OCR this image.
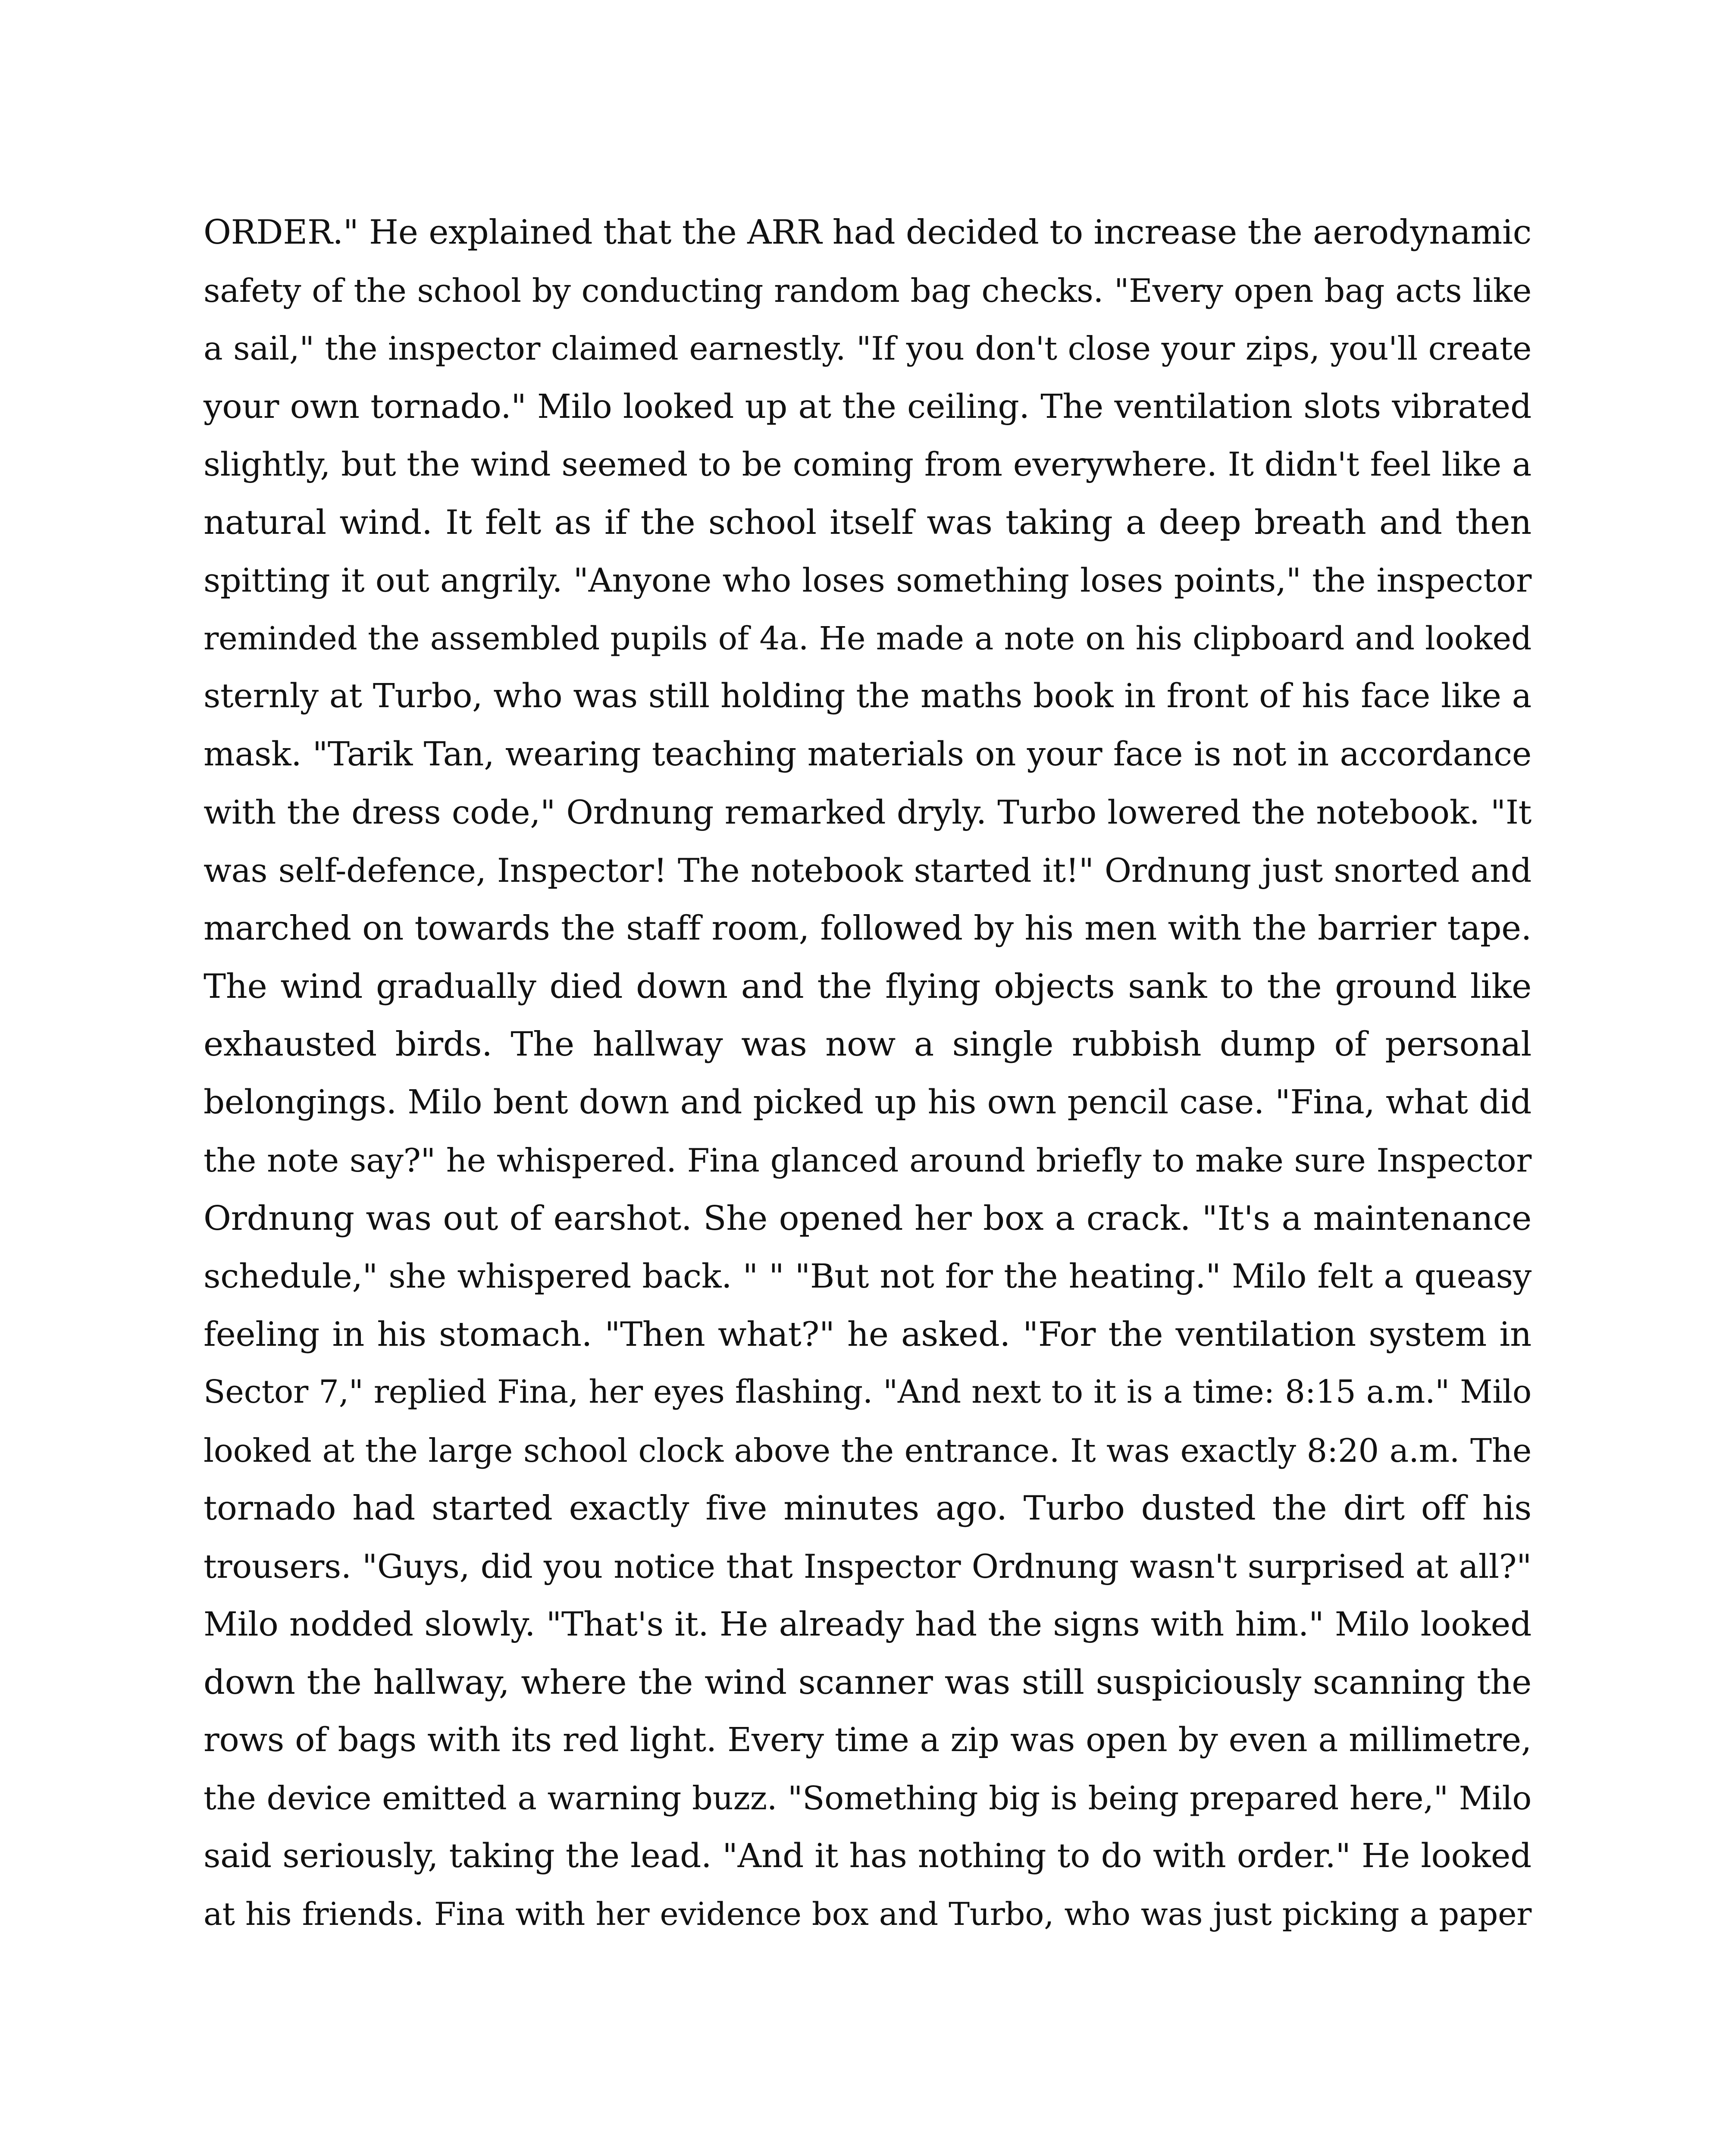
ORDER." He explained that the ARR had decided to increase the aerodynamic
safety of the school by conducting random bag checks. "Every open bag acts like
a sail," the inspector claimed earnestly. "If you don't close your zips, you'll create
your own tornado." Milo looked up at the ceiling. The ventilation slots vibrated
slightly, but the wind seemed to be coming from everywhere. It didn't feel like a
natural wind. It felt as if the school itself was taking a deep breath and then
spitting it out angrily. "Anyone who loses something loses points," the inspector
reminded the assembled pupils of 4a. He made a note on his clipboard and looked
sternly at Turbo, who was still holding the maths book in front of his face like a
mask. "Tarik Tan, wearing teaching materials on your face is not in accordance
with the dress code," Ordnung remarked dryly. Turbo lowered the notebook. "It
was self-defence, Inspector! The notebook started it!" Ordnung just snorted and
marched on towards the staff room, followed by his men with the barrier tape.
The wind gradually died down and the flying objects sank to the ground like
exhausted birds. The hallway was now a single rubbish dump of personal
belongings. Milo bent down and picked up his own pencil case. "Fina, what did
the note say?" he whispered. Fina glanced around briefly to make sure Inspector
Ordnung was out of earshot. She opened her box a crack. "It's a maintenance
schedule," she whispered back. " " "But not for the heating." Milo felt a queasy
feeling in his stomach. "Then what?" he asked. "For the ventilation system in
Sector 7," replied Fina, her eyes flashing. "And next to it is a time: 8:15 a.m." Milo
looked at the large school clock above the entrance. It was exactly 8:20 a.m. The
tornado had started exactly five minutes ago. Turbo dusted the dirt off his
trousers. "Guys, did you notice that Inspector Ordnung wasn't surprised at all?"
Milo nodded slowly. "That's it. He already had the signs with him." Milo looked
down the hallway, where the wind scanner was still suspiciously scanning the
rows of bags with its red light. Every time a zip was open by even a millimetre,
the device emitted a warning buzz. "Something big is being prepared here," Milo
said seriously, taking the lead. "And it has nothing to do with order." He looked
at his friends. Fina with her evidence box and Turbo, who was just picking a paper
